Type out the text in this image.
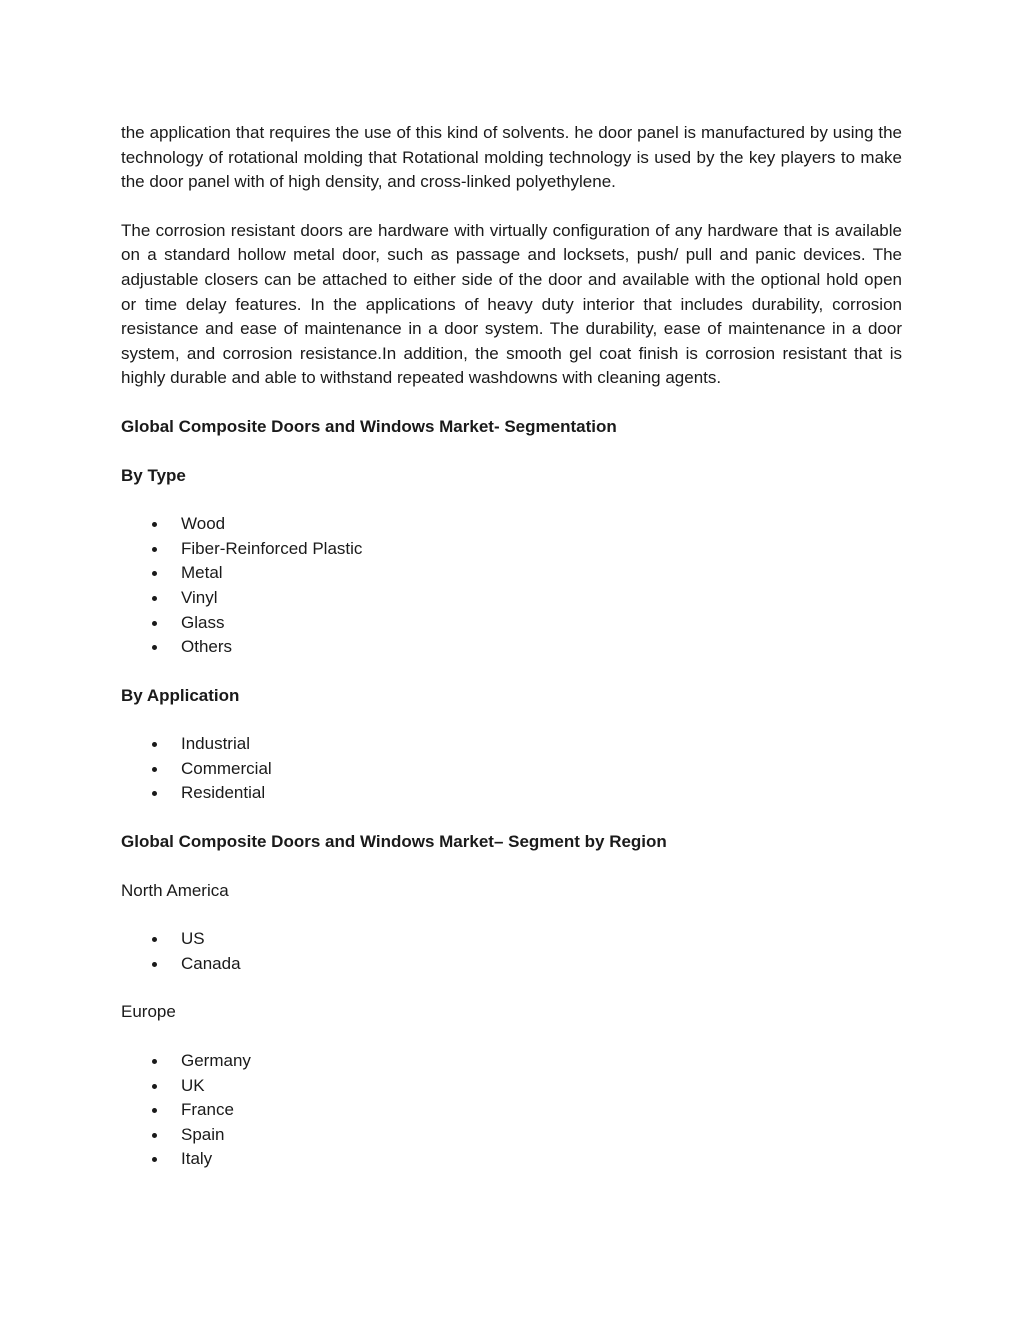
the application that requires the use of this kind of solvents. he door panel is manufactured by using the technology of rotational molding that Rotational molding technology is used by the key players to make the door panel with of high density, and cross-linked polyethylene.

The corrosion resistant doors are hardware with virtually configuration of any hardware that is available on a standard hollow metal door, such as passage and locksets, push/ pull and panic devices. The adjustable closers can be attached to either side of the door and available with the optional hold open or time delay features. In the applications of heavy duty interior that includes durability, corrosion resistance and ease of maintenance in a door system. The durability, ease of maintenance in a door system, and corrosion resistance.In addition, the smooth gel coat finish is corrosion resistant that is highly durable and able to withstand repeated washdowns with cleaning agents.

Global Composite Doors and Windows Market- Segmentation
By Type
Wood
Fiber-Reinforced Plastic
Metal
Vinyl
Glass
Others
By Application
Industrial
Commercial
Residential
Global Composite Doors and Windows Market– Segment by Region
North America
US
Canada
Europe
Germany
UK
France
Spain
Italy
